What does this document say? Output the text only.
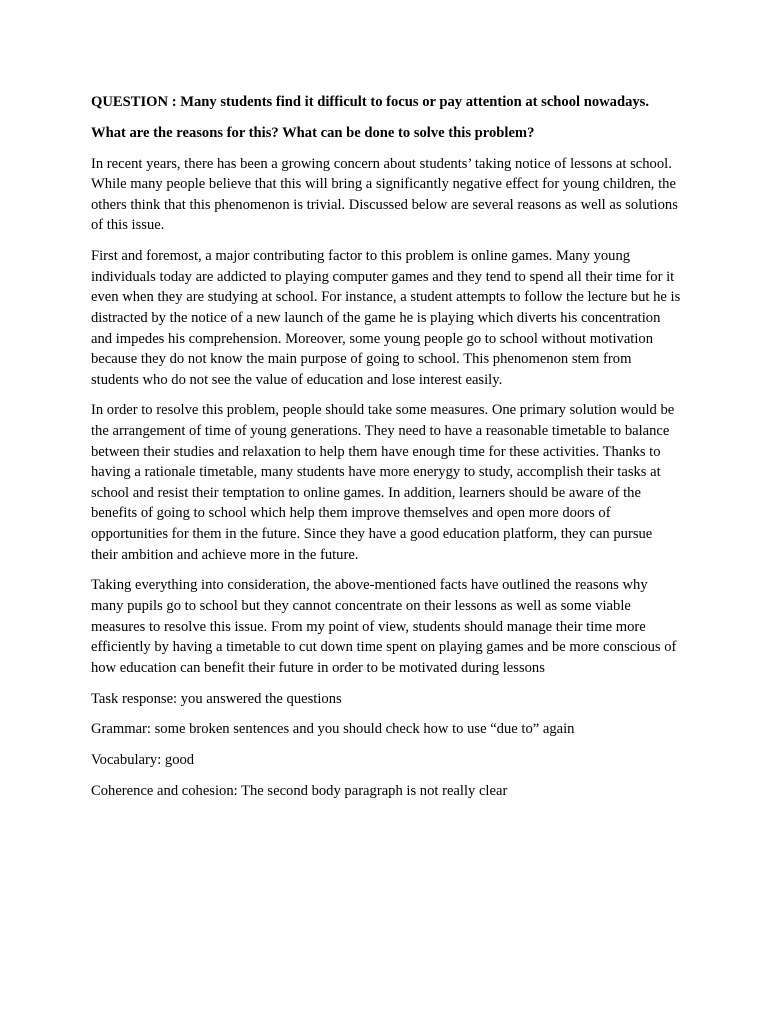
QUESTION : Many students find it difficult to focus or pay attention at school nowadays.

What are the reasons for this? What can be done to solve this problem?

In recent years, there has been a growing concern about students’ taking notice of lessons at school. While many people believe that this will bring a significantly negative effect for young children, the others think that this phenomenon is trivial. Discussed below are several reasons as well as solutions of this issue.

First and foremost, a major contributing factor to this problem is online games. Many young individuals today are addicted to playing computer games and they tend to spend all their time for it even when they are studying at school. For instance, a student attempts to follow the lecture but he is distracted by the notice of a new launch of the game he is playing which diverts his concentration and impedes his comprehension. Moreover, some young people go to school without motivation because they do not know the main purpose of going to school. This phenomenon stem from students who do not see the value of education and lose interest easily.

In order to resolve this problem, people should take some measures. One primary solution would be the arrangement of time of young generations. They need to have a reasonable timetable to balance between their studies and relaxation to help them have enough time for these activities. Thanks to having a rationale timetable, many students have more enerygy to study, accomplish their tasks at school and resist their temptation to online games. In addition, learners should be aware of the benefits of going to school which help them improve themselves and open more doors of opportunities for them in the future. Since they have a good education platform, they can pursue their ambition and achieve more in the future.

Taking everything into consideration, the above-mentioned facts have outlined the reasons why many pupils go to school but they cannot concentrate on their lessons as well as some viable measures to resolve this issue. From my point of view, students should manage their time more efficiently by having a timetable to cut down time spent on playing games and be more conscious of how education can benefit their future in order to be motivated during lessons

Task response: you answered the questions

Grammar: some broken sentences and you should check how to use “due to” again

Vocabulary: good

Coherence and cohesion: The second body paragraph is not really clear
